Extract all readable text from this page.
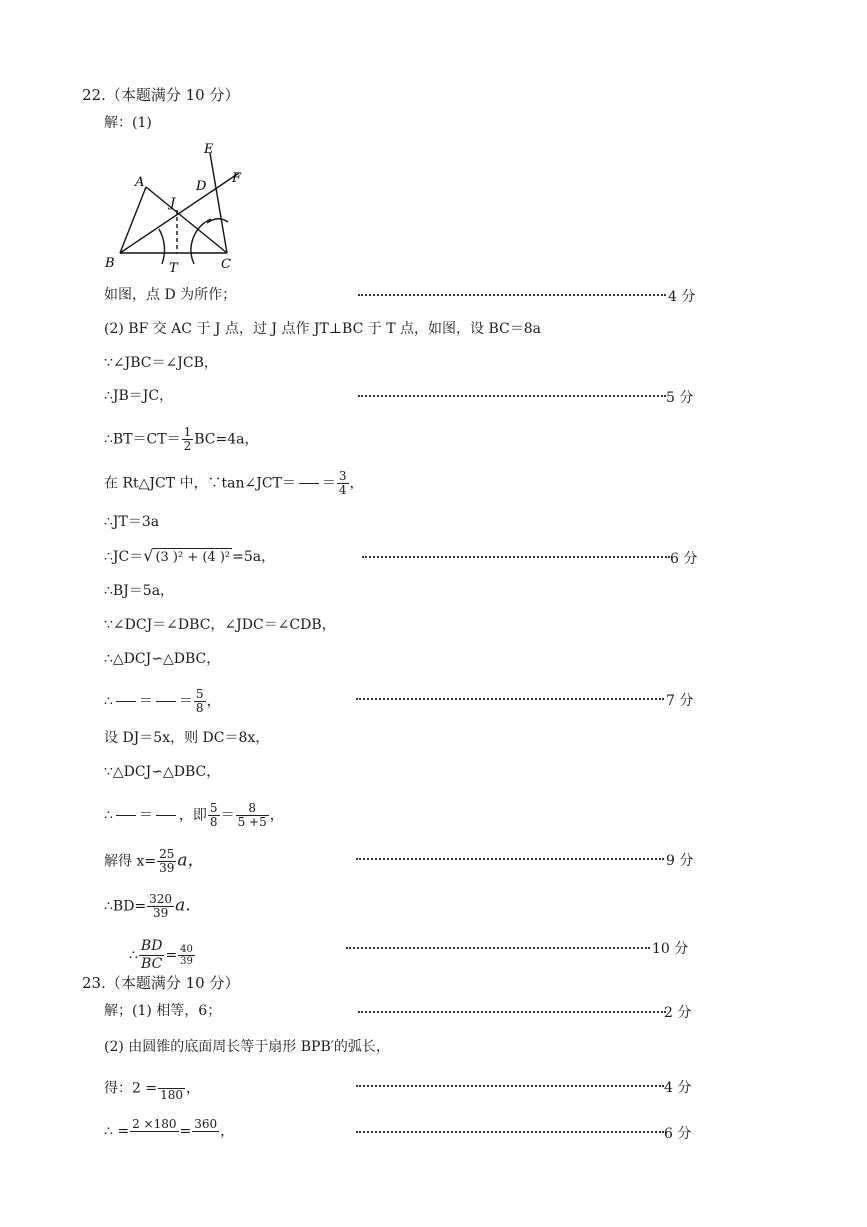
22.（本题满分 10 分）
解：(1)
A
B	C
D
E
F
J
T
如图，点 D 为所作；	4 分
(2) BF 交 AC 于 J 点，过 J 点作 JT⊥BC 于 T 点，如图，设 BC＝8a
∵∠JBC＝∠JCB，
∴JB＝JC，	5 分
∴BT＝CT＝ $\frac{1}{2} BC=4a$，
在 Rt△JCT 中，∵tan∠JCT＝ ＝ $\frac{3}{4}$ ，
∴JT＝3a
∴JC＝√ (3 )² + (4 )² =5a，	6 分
∴BJ＝5a，
∵∠DCJ＝∠DBC，∠JDC＝∠CDB，
∴△DCJ∽△DBC，
∴ ＝ ＝ $\frac{5}{8}$ ，	7 分
设 DJ＝5x，则 DC＝8x，
∵△DCJ∽△DBC，
∴ ＝ ，即 $\frac{5}{8} = \frac{8}{5 +5}$ ，
解得 $x= \frac{25}{39}$ a，	9 分
∴BD= $\frac{320}{39} a$.
∴ $\frac{BD}{BC} = \frac{40}{39}$	10 分
23.（本题满分 10 分）
解；(1) 相等，6；	2 分
(2) 由圆锥的底面周长等于扇形 BPB′的弧长，
得：2 =
180 ，	4 分
∴ = 2 ×180
= 360
，	6 分
